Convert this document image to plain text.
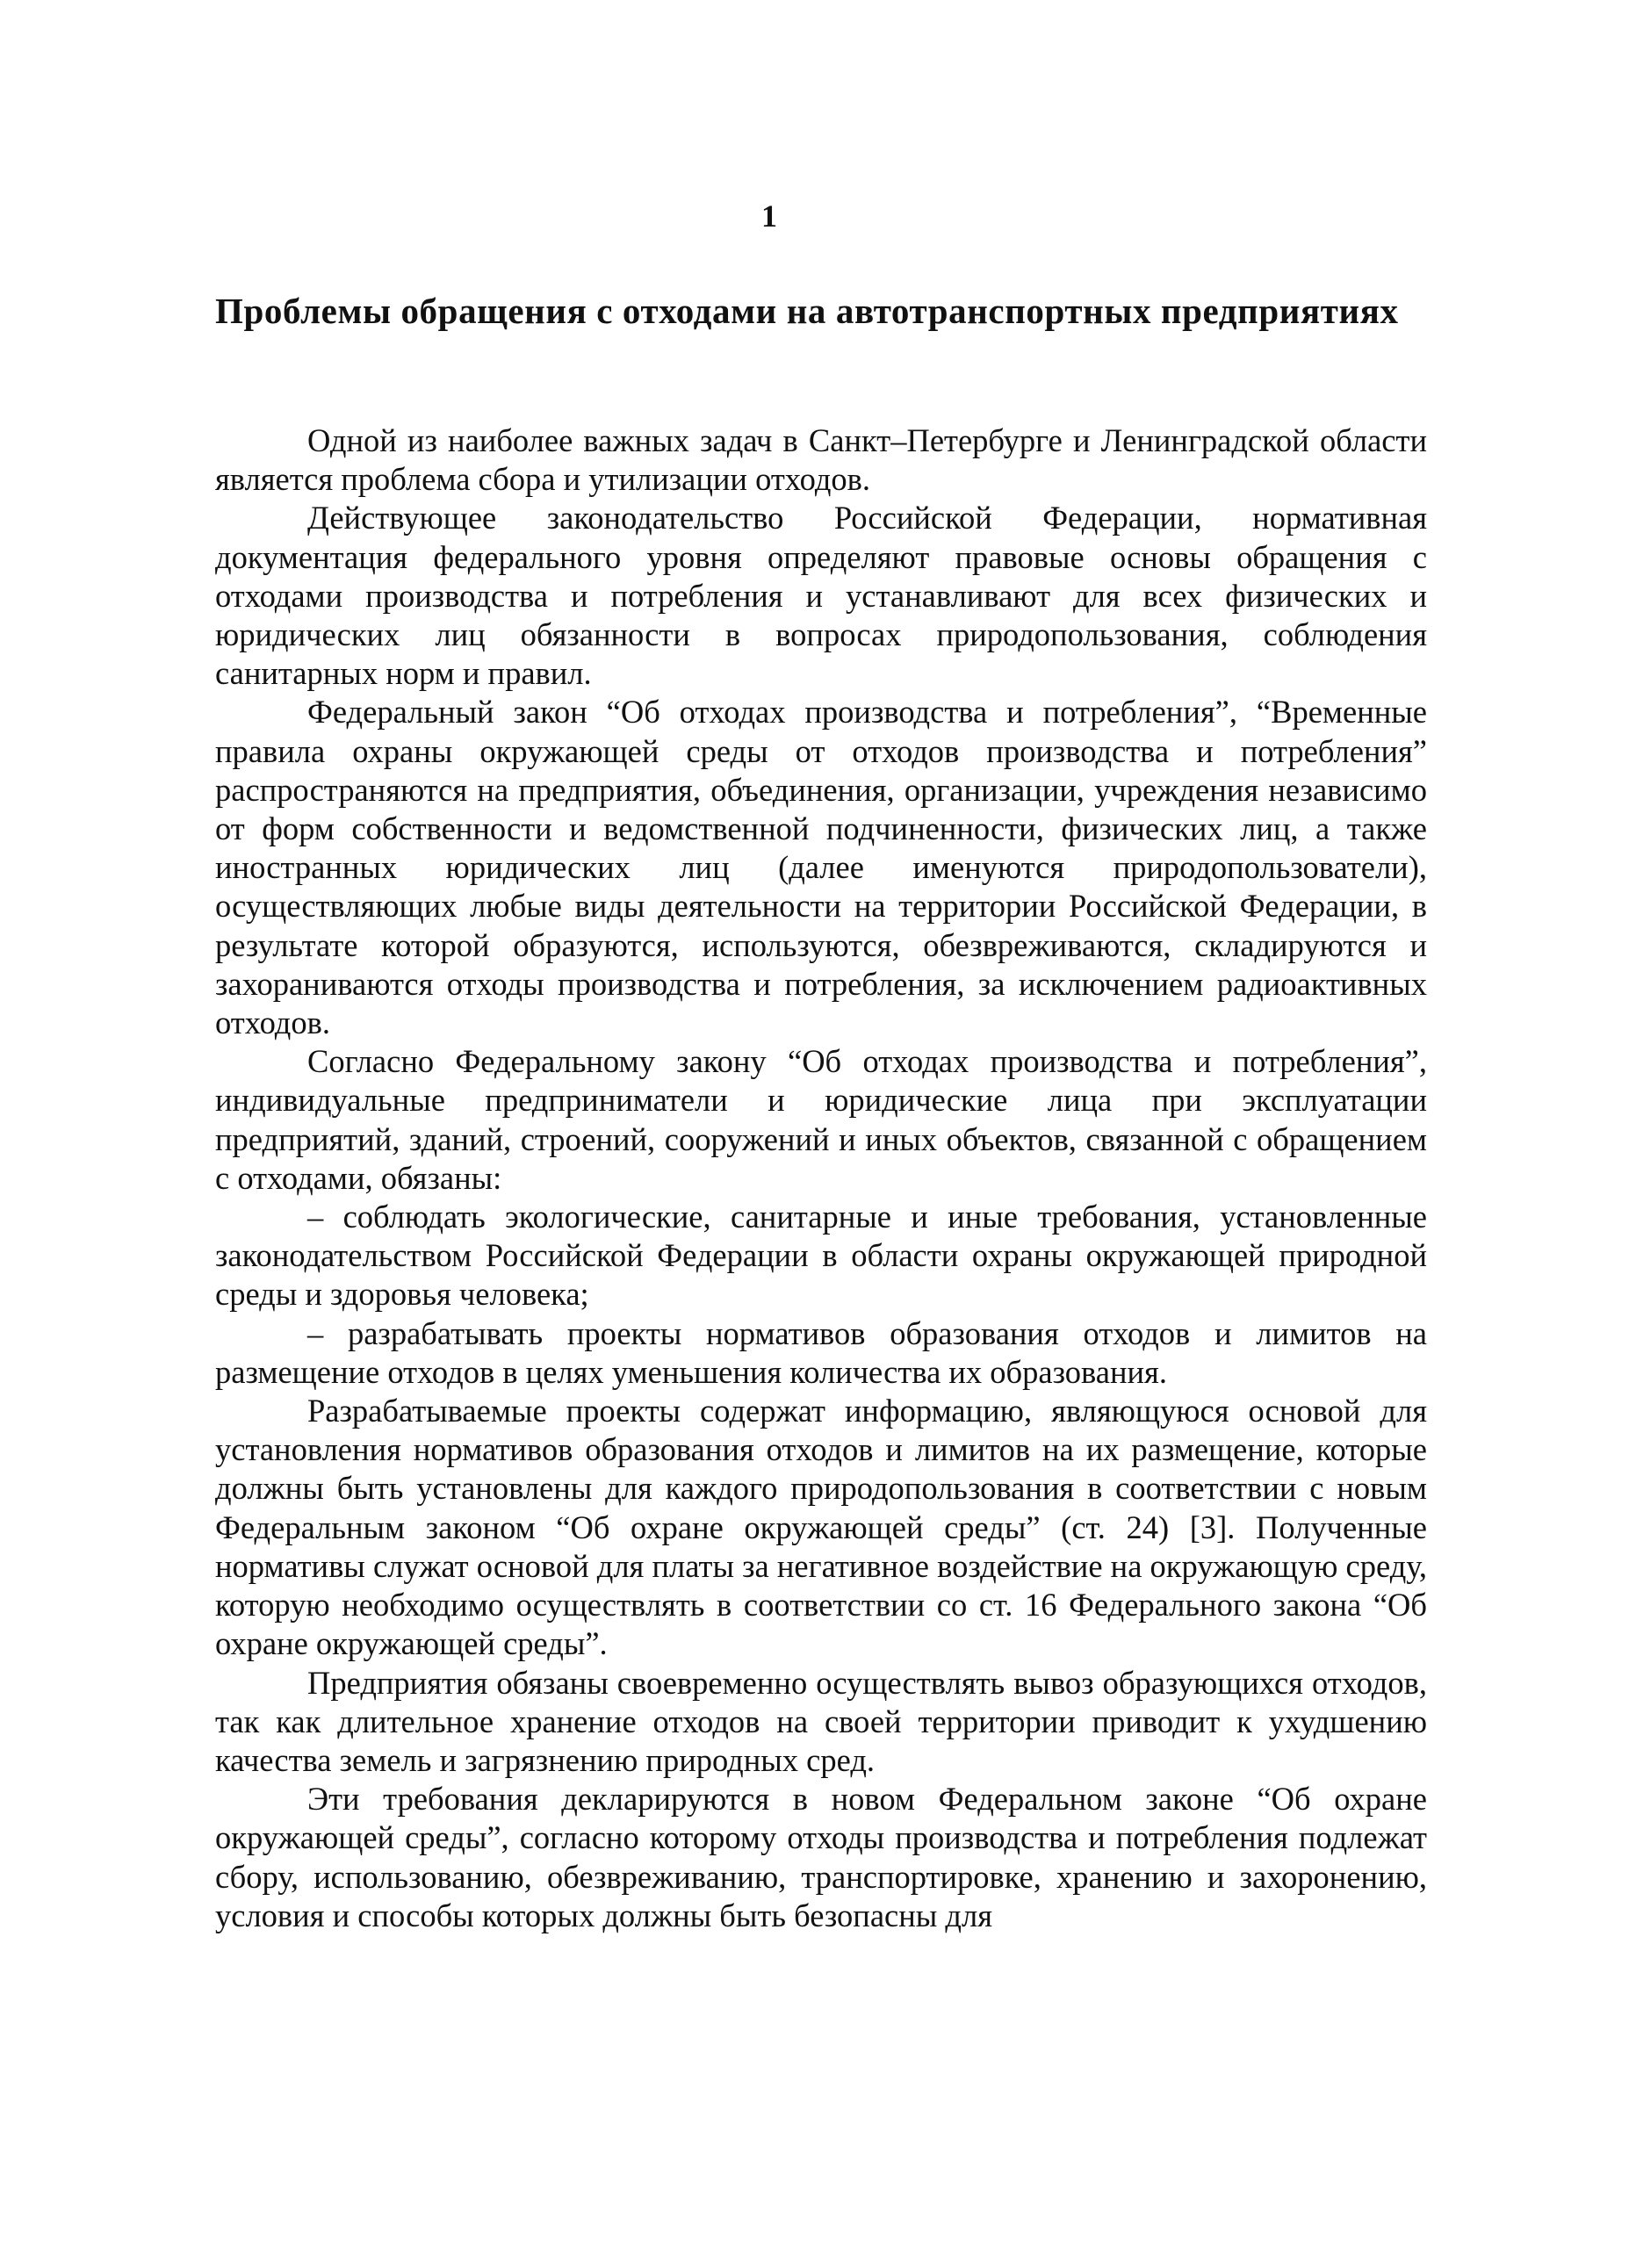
1
Проблемы обращения с отходами на автотранспортных предприятиях

Одной из наиболее важных задач в Санкт–Петербурге и Ленинградской области является проблема сбора и утилизации отходов.

Действующее законодательство Российской Федерации, нормативная документация федерального уровня определяют правовые основы обращения с отходами производства и потребления и устанавливают для всех физических и юридических лиц обязанности в вопросах природопользования, соблюдения санитарных норм и правил.

Федеральный закон “Об отходах производства и потребления”, “Временные правила охраны окружающей среды от отходов производства и потребления” распространяются на предприятия, объединения, организации, учреждения независимо от форм собственности и ведомственной подчиненности, физических лиц, а также иностранных юридических лиц (далее именуются природопользователи), осуществляющих любые виды деятельности на территории Российской Федерации, в результате которой образуются, используются, обезвреживаются, складируются и захораниваются отходы производства и потребления, за исключением радиоактивных отходов.

Согласно Федеральному закону “Об отходах производства и потребления”, индивидуальные предприниматели и юридические лица при эксплуатации предприятий, зданий, строений, сооружений и иных объектов, связанной с обращением с отходами, обязаны:

– соблюдать экологические, санитарные и иные требования, установленные законодательством Российской Федерации в области охраны окружающей природной среды и здоровья человека;

– разрабатывать проекты нормативов образования отходов и лимитов на размещение отходов в целях уменьшения количества их образования.

Разрабатываемые проекты содержат информацию, являющуюся основой для установления нормативов образования отходов и лимитов на их размещение, которые должны быть установлены для каждого природопользования в соответствии с новым Федеральным законом “Об охране окружающей среды” (ст. 24) [3]. Полученные нормативы служат основой для платы за негативное воздействие на окружающую среду, которую необходимо осуществлять в соответствии со ст. 16 Федерального закона “Об охране окружающей среды”.

Предприятия обязаны своевременно осуществлять вывоз образующихся отходов, так как длительное хранение отходов на своей территории приводит к ухудшению качества земель и загрязнению природных сред.

Эти требования декларируются в новом Федеральном законе “Об охране окружающей среды”, согласно которому отходы производства и потребления подлежат сбору, использованию, обезвреживанию, транспортировке, хранению и захоронению, условия и способы которых должны быть безопасны для
